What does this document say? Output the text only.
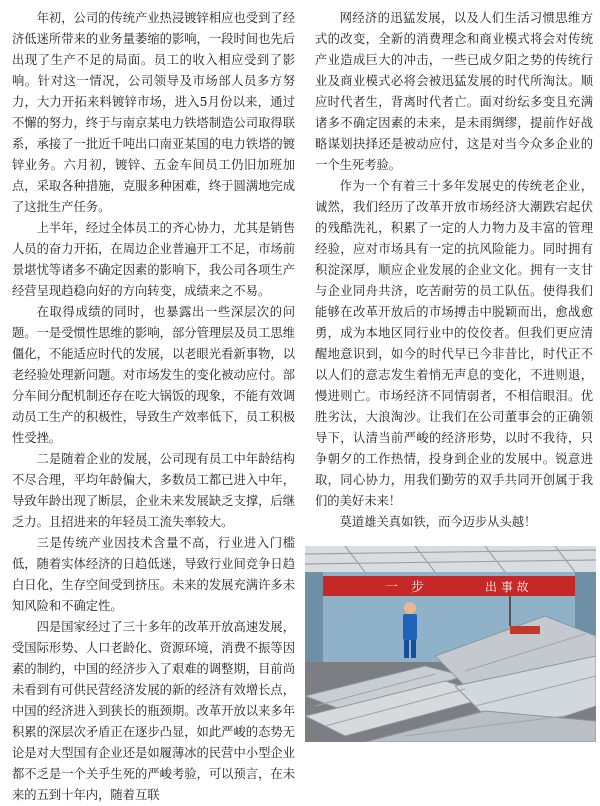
年初，公司的传统产业热浸镀锌相应也受到了经济低迷所带来的业务量萎缩的影响，一段时间也先后出现了生产不足的局面。员工的收入相应受到了影响。针对这一情况，公司领导及市场部人员多方努力，大力开拓来料镀锌市场，进入5月份以来，通过不懈的努力，终于与南京某电力铁塔制造公司取得联系，承接了一批近千吨出口南亚某国的电力铁塔的镀锌业务。六月初，镀锌、五金车间员工仍旧加班加点，采取各种措施，克服多种困难，终于圆满地完成了这批生产任务。

上半年，经过全体员工的齐心协力，尤其是销售人员的奋力开拓，在周边企业普遍开工不足，市场前景堪忧等诸多不确定因素的影响下，我公司各项生产经营呈现趋稳向好的方向转变，成绩来之不易。

在取得成绩的同时，也暴露出一些深层次的问题。一是受惯性思维的影响，部分管理层及员工思维僵化，不能适应时代的发展，以老眼光看新事物，以老经验处理新问题。对市场发生的变化被动应付。部分车间分配机制还存在吃大锅饭的现象，不能有效调动员工生产的积极性，导致生产效率低下，员工积极性受挫。

二是随着企业的发展，公司现有员工中年龄结构不尽合理，平均年龄偏大，多数员工都已进入中年，导致年龄出现了断层，企业未来发展缺乏支撑，后继乏力。且招进来的年轻员工流失率较大。

三是传统产业因技术含量不高，行业进入门槛低，随着实体经济的日趋低迷，导致行业间竞争日趋白日化，生存空间受到挤压。未来的发展充满许多未知风险和不确定性。

四是国家经过了三十多年的改革开放高速发展，受国际形势、人口老龄化、资源环境，消费不振等因素的制约，中国的经济步入了艰难的调整期，目前尚未看到有可供民营经济发展的新的经济有效增长点，中国的经济进入到狭长的瓶颈期。改革开放以来多年积累的深层次矛盾正在逐步凸显，如此严峻的态势无论是对大型国有企业还是如履薄冰的民营中小型企业都不乏是一个关乎生死的严峻考验，可以预言，在未来的五到十年内，随着互联

网经济的迅猛发展，以及人们生活习惯思维方式的改变，全新的消费理念和商业模式将会对传统产业造成巨大的冲击，一些已成夕阳之势的传统行业及商业模式必将会被迅猛发展的时代所淘汰。顺应时代者生，背离时代者亡。面对纷纭多变且充满诸多不确定因素的未来，是未雨绸缪，提前作好战略谋划抉择还是被动应付，这是对当今众多企业的一个生死考验。

作为一个有着三十多年发展史的传统老企业，诚然，我们经历了改革开放市场经济大潮跌宕起伏的残酷洗礼，积累了一定的人力物力及丰富的管理经验，应对市场具有一定的抗风险能力。同时拥有积淀深厚，顺应企业发展的企业文化。拥有一支甘与企业同舟共济，吃苦耐劳的员工队伍。使得我们能够在改革开放后的市场搏击中脱颖而出，愈战愈勇，成为本地区同行业中的佼佼者。但我们更应清醒地意识到，如今的时代早已今非昔比，时代正不以人们的意志发生着悄无声息的变化，不进则退，慢进则亡。市场经济不同情弱者，不相信眼泪。优胜劣汰，大浪淘沙。让我们在公司董事会的正确领导下，认清当前严峻的经济形势，以时不我待，只争朝夕的工作热情，投身到企业的发展中。锐意进取，同心协力，用我们勤劳的双手共同开创属于我们的美好未来！

莫道雄关真如铁，而今迈步从头越！

一　步	出 事 故
